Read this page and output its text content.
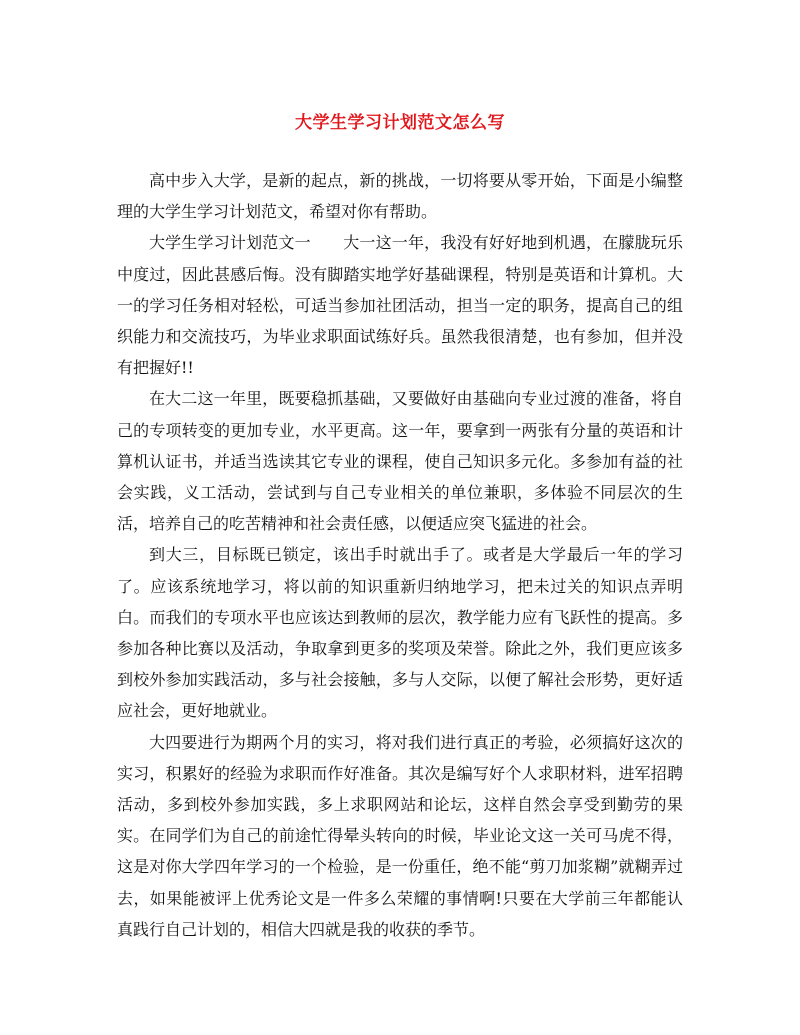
大学生学习计划范文怎么写

高中步入大学，是新的起点，新的挑战，一切将要从零开始，下面是小编整理的大学生学习计划范文，希望对你有帮助。

大学生学习计划范文一　　大一这一年，我没有好好地到机遇，在朦胧玩乐中度过，因此甚感后悔。没有脚踏实地学好基础课程，特别是英语和计算机。大一的学习任务相对轻松，可适当参加社团活动，担当一定的职务，提高自己的组织能力和交流技巧，为毕业求职面试练好兵。虽然我很清楚，也有参加，但并没有把握好!!

在大二这一年里，既要稳抓基础，又要做好由基础向专业过渡的准备，将自己的专项转变的更加专业，水平更高。这一年，要拿到一两张有分量的英语和计算机认证书，并适当选读其它专业的课程，使自己知识多元化。多参加有益的社会实践，义工活动，尝试到与自己专业相关的单位兼职，多体验不同层次的生活，培养自己的吃苦精神和社会责任感，以便适应突飞猛进的社会。

到大三，目标既已锁定，该出手时就出手了。或者是大学最后一年的学习了。应该系统地学习，将以前的知识重新归纳地学习，把未过关的知识点弄明白。而我们的专项水平也应该达到教师的层次，教学能力应有飞跃性的提高。多参加各种比赛以及活动，争取拿到更多的奖项及荣誉。除此之外，我们更应该多到校外参加实践活动，多与社会接触，多与人交际，以便了解社会形势，更好适应社会，更好地就业。

大四要进行为期两个月的实习，将对我们进行真正的考验，必须搞好这次的实习，积累好的经验为求职而作好准备。其次是编写好个人求职材料，进军招聘活动，多到校外参加实践，多上求职网站和论坛，这样自然会享受到勤劳的果实。在同学们为自己的前途忙得晕头转向的时候，毕业论文这一关可马虎不得，这是对你大学四年学习的一个检验，是一份重任，绝不能“剪刀加浆糊”就糊弄过去，如果能被评上优秀论文是一件多么荣耀的事情啊!只要在大学前三年都能认真践行自己计划的，相信大四就是我的收获的季节。
